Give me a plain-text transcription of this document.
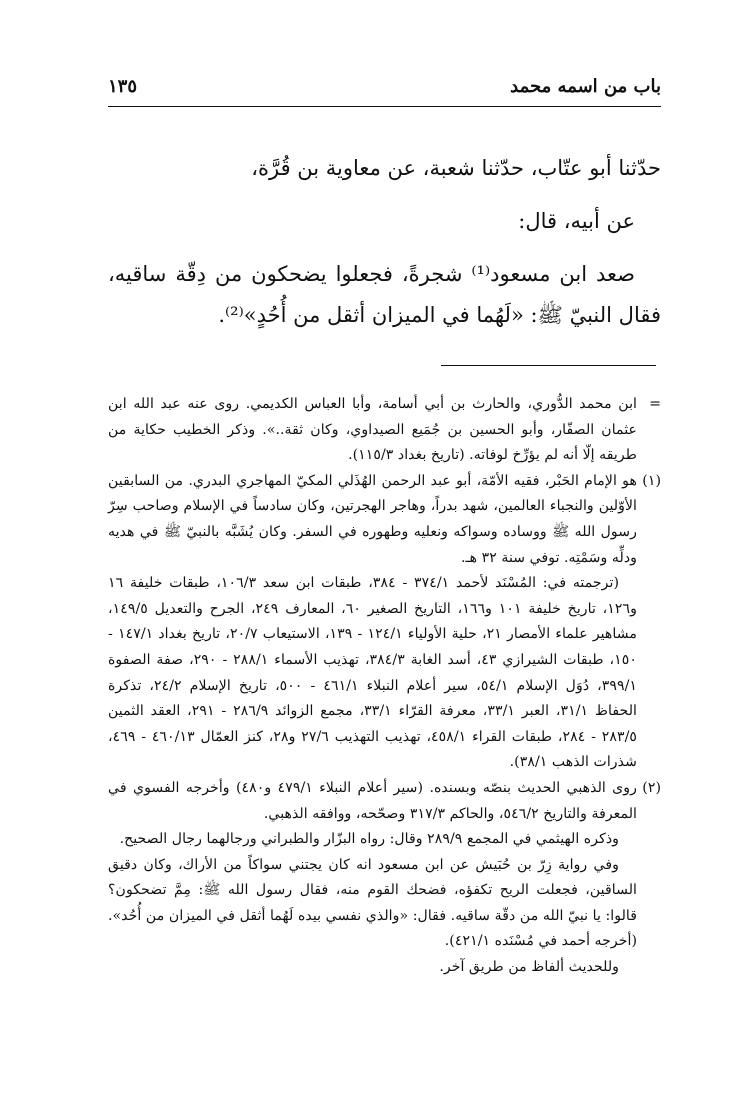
باب من اسمه محمد
١٣٥

حدّثنا أبو عتّاب، حدّثنا شعبة، عن معاوية بن قُرَّة،

عن أبيه، قال:

صعد ابن مسعود⁽¹⁾ شجرةً، فجعلوا يضحكون من دِقّة ساقيه، فقال النبيّ ﷺ: «لَهُما في الميزان أثقل من أُحُدٍ»⁽²⁾.

=
ابن محمد الدُّوري، والحارث بن أبي أسامة، وأبا العباس الكديمي. روى عنه عبد الله ابن عثمان الصفّار، وأبو الحسين بن جُمَيع الصيداوي، وكان ثقة..». وذكر الخطيب حكاية من طريقه إلّا أنه لم يؤرِّخ لوفاته. (تاريخ بغداد ١١٥/٣).

(١)
هو الإمام الحَبْر، فقيه الأمّة، أبو عبد الرحمن الهُذَلي المكيّ المهاجري البدري. من السابقين الأوّلين والنجباء العالمين، شهد بدراً، وهاجر الهجرتين، وكان سادساً في الإسلام وصاحب سِرّ رسول الله ﷺ ووساده وسواكه ونعليه وطهوره في السفر. وكان يُشَبَّه بالنبيّ ﷺ في هديه ودلِّه وسَمْتِه. توفي سنة ٣٢ هـ.

(ترجمته في: المُسْنَد لأحمد ٣٧٤/١ - ٣٨٤، طبقات ابن سعد ١٠٦/٣، طبقات خليفة ١٦ و١٢٦، تاريخ خليفة ١٠١ و١٦٦، التاريخ الصغير ٦٠، المعارف ٢٤٩، الجرح والتعديل ١٤٩/٥، مشاهير علماء الأمصار ٢١، حلية الأولياء ١٢٤/١ - ١٣٩، الاستيعاب ٢٠/٧، تاريخ بغداد ١٤٧/١ - ١٥٠، طبقات الشيرازي ٤٣، أسد الغابة ٣٨٤/٣، تهذيب الأسماء ٢٨٨/١ - ٢٩٠، صفة الصفوة ٣٩٩/١، دُوَل الإسلام ٥٤/١، سير أعلام النبلاء ٤٦١/١ - ٥٠٠، تاريخ الإسلام ٢٤/٢، تذكرة الحفاظ ٣١/١، العبر ٣٣/١، معرفة القرّاء ٣٣/١، مجمع الزوائد ٢٨٦/٩ - ٢٩١، العقد الثمين ٢٨٣/٥ - ٢٨٤، طبقات القراء ٤٥٨/١، تهذيب التهذيب ٢٧/٦ و٢٨، كنز العمّال ٤٦٠/١٣ - ٤٦٩، شذرات الذهب ٣٨/١).

(٢)
روى الذهبي الحديث بنصّه وبسنده. (سير أعلام النبلاء ٤٧٩/١ و٤٨٠) وأخرجه الفسوي في المعرفة والتاريخ ٥٤٦/٢، والحاكم ٣١٧/٣ وصحّحه، ووافقه الذهبي.

وذكره الهيثمي في المجمع ٢٨٩/٩ وقال: رواه البزّار والطبراني ورجالهما رجال الصحيح.

وفي رواية زِرّ بن حُبَيش عن ابن مسعود انه كان يجتني سواكاً من الأراك، وكان دقيق الساقين، فجعلت الريح تكفؤه، فضحك القوم منه، فقال رسول الله ﷺ: مِمَّ تضحكون؟ قالوا: يا نبيّ الله من دقّة ساقيه. فقال: «والذي نفسي بيده لَهُما أثقل في الميزان من أُحُد». (أخرجه أحمد في مُسْنَده ٤٢١/١).

وللحديث ألفاظ من طريق آخر.
